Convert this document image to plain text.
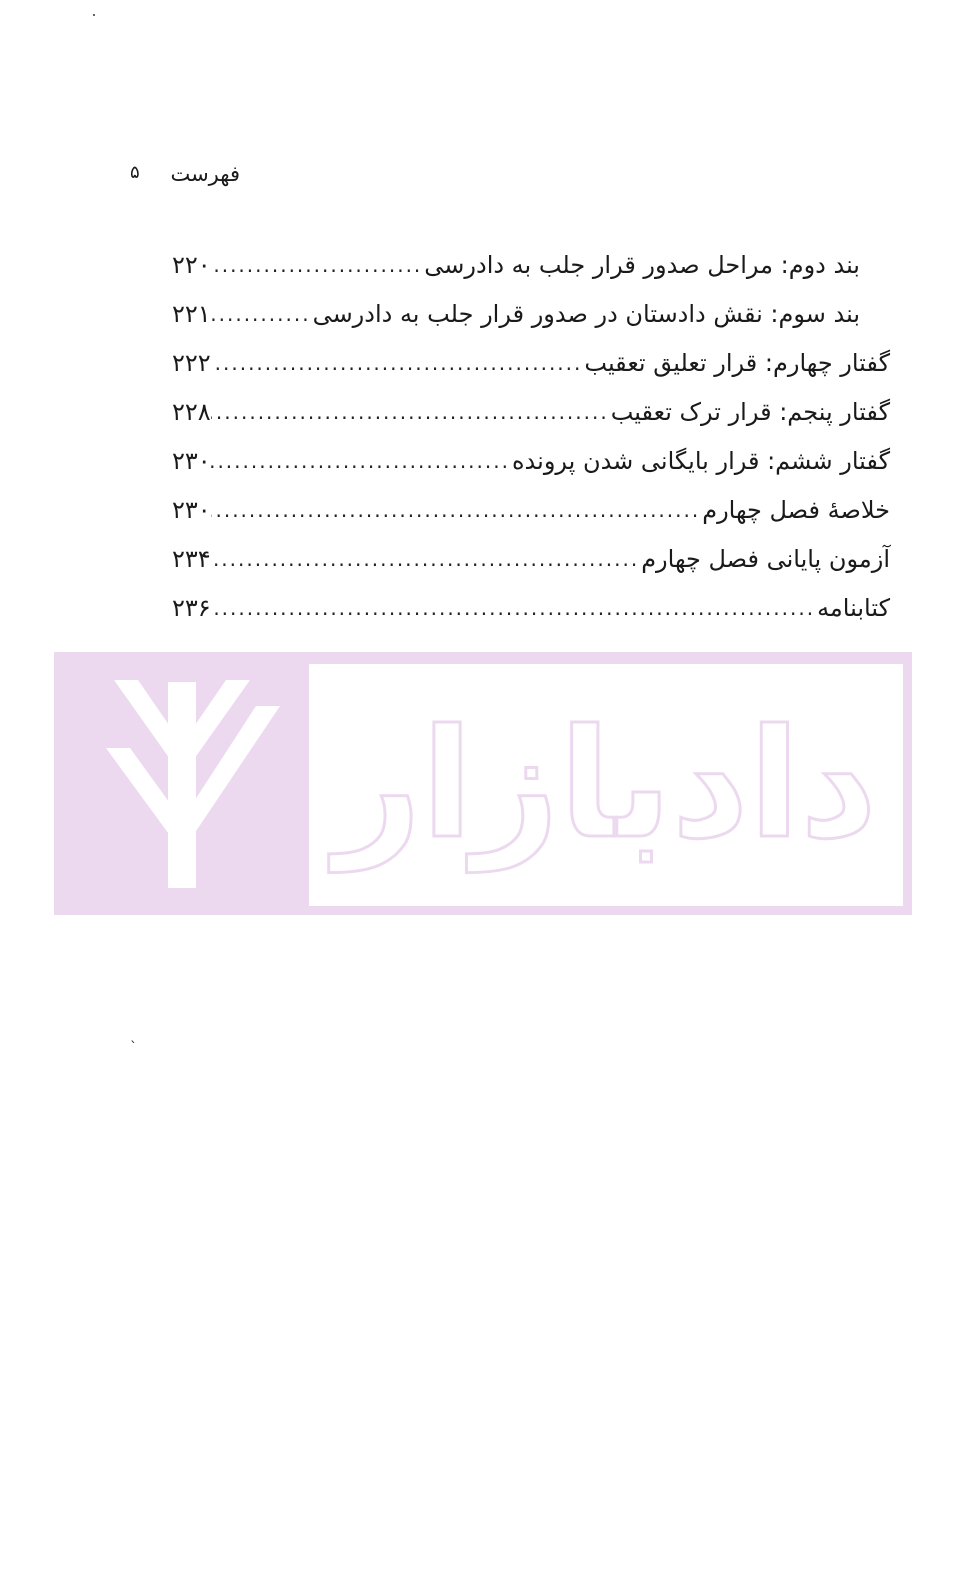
فهرست
۵
بند دوم: مراحل صدور قرار جلب به دادرسی
.....
۲۲۰
بند سوم: نقش دادستان در صدور قرار جلب به دادرسی
.....
۲۲۱
گفتار چهارم: قرار تعلیق تعقیب
.....
۲۲۲
گفتار پنجم: قرار ترک تعقیب
.....
۲۲۸
گفتار ششم: قرار بایگانی شدن پرونده
.....
۲۳۰
خلاصهٔ فصل چهارم
.....
۲۳۰
آزمون پایانی فصل چهارم
.....
۲۳۴
کتابنامه
.....
۲۳۶
دادبازار
`
